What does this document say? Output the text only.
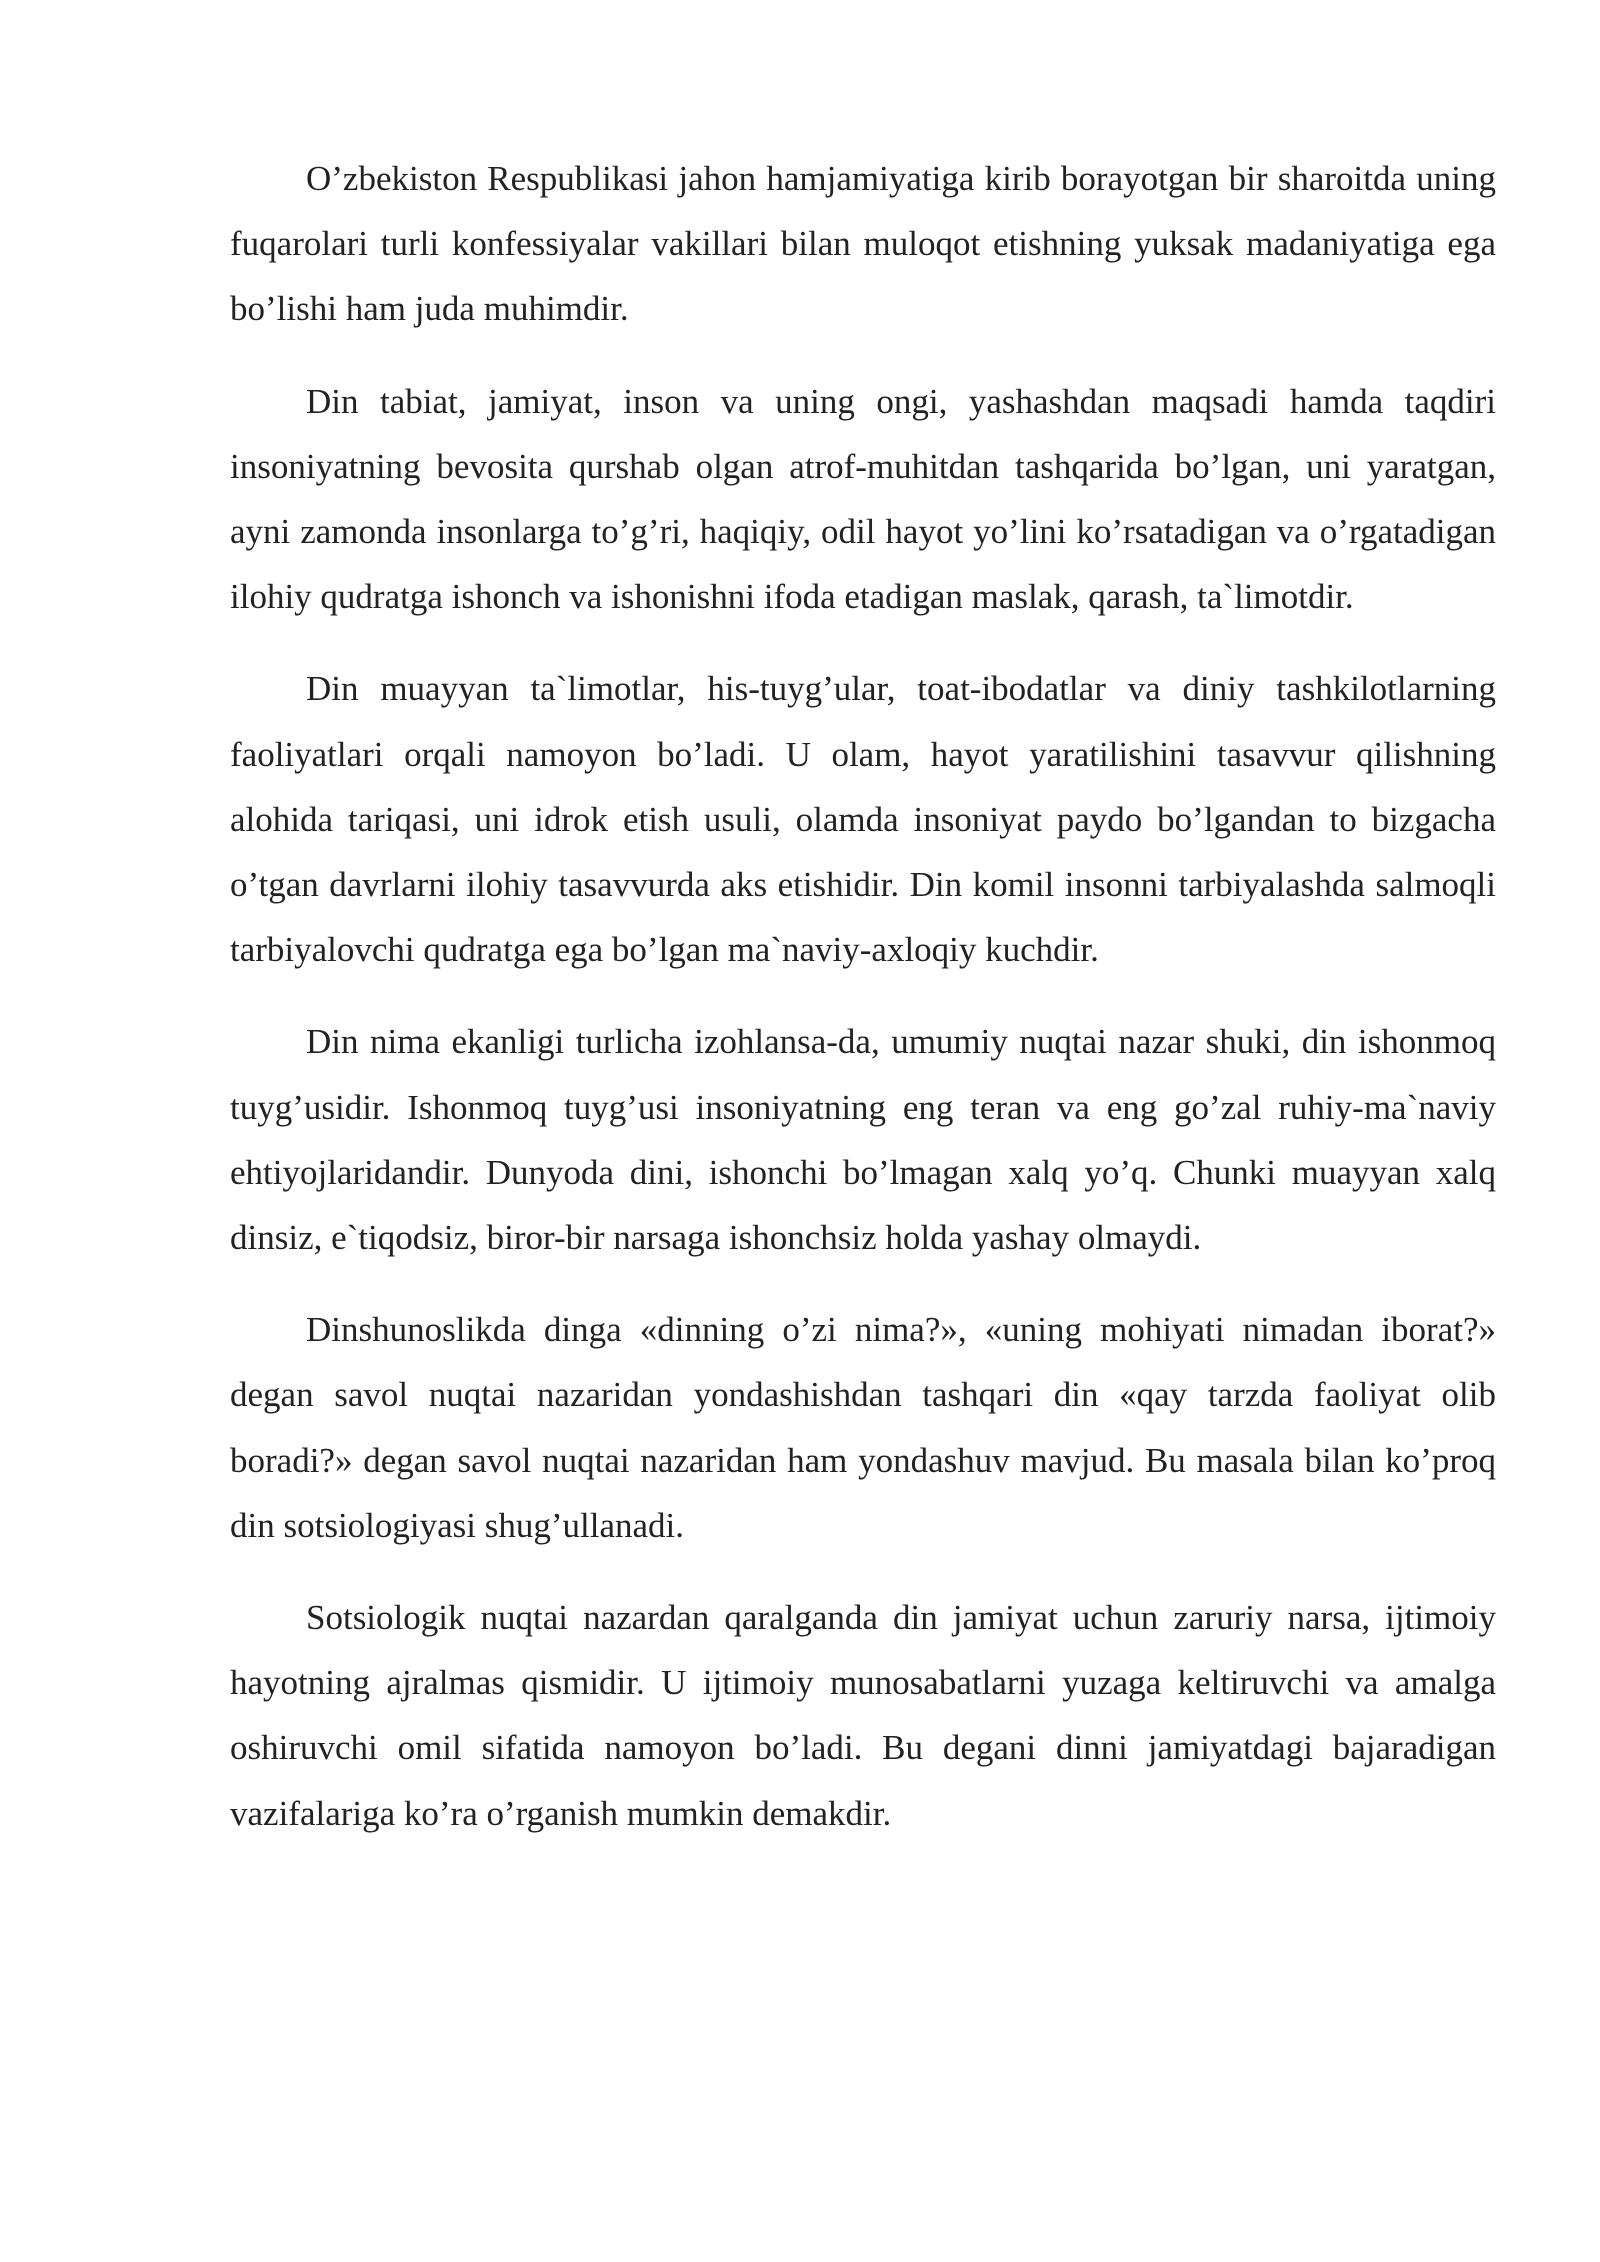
O’zbekiston Respublikasi jahon hamjamiyatiga kirib borayotgan bir sharoitda uning fuqarolari turli konfessiyalar vakillari bilan muloqot etishning yuksak madaniyatiga ega bo’lishi ham juda muhimdir.

Din tabiat, jamiyat, inson va uning ongi, yashashdan maqsadi hamda taqdiri insoniyatning bevosita qurshab olgan atrof-muhitdan tashqarida bo’lgan, uni yaratgan, ayni zamonda insonlarga to’g’ri, haqiqiy, odil hayot yo’lini ko’rsatadigan va o’rgatadigan ilohiy qudratga ishonch va ishonishni ifoda etadigan maslak, qarash, ta`limotdir.

Din muayyan ta`limotlar, his-tuyg’ular, toat-ibodatlar va diniy tashkilotlarning faoliyatlari orqali namoyon bo’ladi. U olam, hayot yaratilishini tasavvur qilishning alohida tariqasi, uni idrok etish usuli, olamda insoniyat paydo bo’lgandan to bizgacha o’tgan davrlarni ilohiy tasavvurda aks etishidir. Din komil insonni tarbiyalashda salmoqli tarbiyalovchi qudratga ega bo’lgan ma`naviy-axloqiy kuchdir.

Din nima ekanligi turlicha izohlansa-da, umumiy nuqtai nazar shuki, din ishonmoq tuyg’usidir. Ishonmoq tuyg’usi insoniyatning eng teran va eng go’zal ruhiy-ma`naviy ehtiyojlaridandir. Dunyoda dini, ishonchi bo’lmagan xalq yo’q. Chunki muayyan xalq dinsiz, e`tiqodsiz, biror-bir narsaga ishonchsiz holda yashay olmaydi.

Dinshunoslikda dinga «dinning o’zi nima?», «uning mohiyati nimadan iborat?» degan savol nuqtai nazaridan yondashishdan tashqari din «qay tarzda faoliyat olib boradi?» degan savol nuqtai nazaridan ham yondashuv mavjud. Bu masala bilan ko’proq din sotsiologiyasi shug’ullanadi.

Sotsiologik nuqtai nazardan qaralganda din jamiyat uchun zaruriy narsa, ijtimoiy hayotning ajralmas qismidir. U ijtimoiy munosabatlarni yuzaga keltiruvchi va amalga oshiruvchi omil sifatida namoyon bo’ladi. Bu degani dinni jamiyatdagi bajaradigan vazifalariga ko’ra o’rganish mumkin demakdir.
